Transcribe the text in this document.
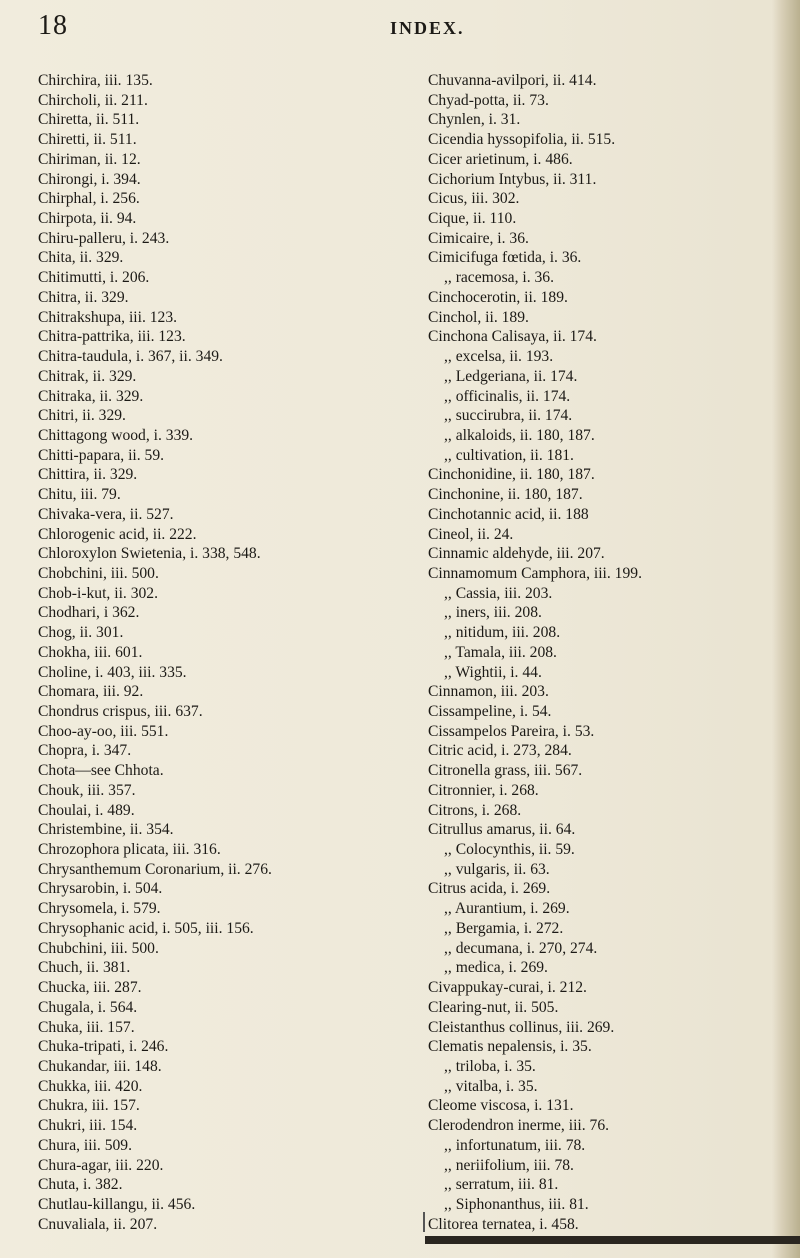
18	INDEX.
Chirchira, iii. 135.
Chircholi, ii. 211.
Chiretta, ii. 511.
Chiretti, ii. 511.
Chiriman, ii. 12.
Chirongi, i. 394.
Chirphal, i. 256.
Chirpota, ii. 94.
Chiru-palleru, i. 243.
Chita, ii. 329.
Chitimutti, i. 206.
Chitra, ii. 329.
Chitrakshupa, iii. 123.
Chitra-pattrika, iii. 123.
Chitra-taudula, i. 367, ii. 349.
Chitrak, ii. 329.
Chitraka, ii. 329.
Chitri, ii. 329.
Chittagong wood, i. 339.
Chitti-papara, ii. 59.
Chittira, ii. 329.
Chitu, iii. 79.
Chivaka-vera, ii. 527.
Chlorogenic acid, ii. 222.
Chloroxylon Swietenia, i. 338, 548.
Chobchini, iii. 500.
Chob-i-kut, ii. 302.
Chodhari, i 362.
Chog, ii. 301.
Chokha, iii. 601.
Choline, i. 403, iii. 335.
Chomara, iii. 92.
Chondrus crispus, iii. 637.
Choo-ay-oo, iii. 551.
Chopra, i. 347.
Chota—see Chhota.
Chouk, iii. 357.
Choulai, i. 489.
Christembine, ii. 354.
Chrozophora plicata, iii. 316.
Chrysanthemum Coronarium, ii. 276.
Chrysarobin, i. 504.
Chrysomela, i. 579.
Chrysophanic acid, i. 505, iii. 156.
Chubchini, iii. 500.
Chuch, ii. 381.
Chucka, iii. 287.
Chugala, i. 564.
Chuka, iii. 157.
Chuka-tripati, i. 246.
Chukandar, iii. 148.
Chukka, iii. 420.
Chukra, iii. 157.
Chukri, iii. 154.
Chura, iii. 509.
Chura-agar, iii. 220.
Chuta, i. 382.
Chutlau-killangu, ii. 456.
Cnuvaliala, ii. 207.
Chuvanna-avilpori, ii. 414.
Chyad-potta, ii. 73.
Chynlen, i. 31.
Cicendia hyssopifolia, ii. 515.
Cicer arietinum, i. 486.
Cichorium Intybus, ii. 311.
Cicus, iii. 302.
Cique, ii. 110.
Cimicaire, i. 36.
Cimicifuga fœtida, i. 36.
,, racemosa, i. 36.
Cinchocerotin, ii. 189.
Cinchol, ii. 189.
Cinchona Calisaya, ii. 174.
,, excelsa, ii. 193.
,, Ledgeriana, ii. 174.
,, officinalis, ii. 174.
,, succirubra, ii. 174.
,, alkaloids, ii. 180, 187.
,, cultivation, ii. 181.
Cinchonidine, ii. 180, 187.
Cinchonine, ii. 180, 187.
Cinchotannic acid, ii. 188
Cineol, ii. 24.
Cinnamic aldehyde, iii. 207.
Cinnamomum Camphora, iii. 199.
,, Cassia, iii. 203.
,, iners, iii. 208.
,, nitidum, iii. 208.
,, Tamala, iii. 208.
,, Wightii, i. 44.
Cinnamon, iii. 203.
Cissampeline, i. 54.
Cissampelos Pareira, i. 53.
Citric acid, i. 273, 284.
Citronella grass, iii. 567.
Citronnier, i. 268.
Citrons, i. 268.
Citrullus amarus, ii. 64.
,, Colocynthis, ii. 59.
,, vulgaris, ii. 63.
Citrus acida, i. 269.
,, Aurantium, i. 269.
,, Bergamia, i. 272.
,, decumana, i. 270, 274.
,, medica, i. 269.
Civappukay-curai, i. 212.
Clearing-nut, ii. 505.
Cleistanthus collinus, iii. 269.
Clematis nepalensis, i. 35.
,, triloba, i. 35.
,, vitalba, i. 35.
Cleome viscosa, i. 131.
Clerodendron inerme, iii. 76.
,, infortunatum, iii. 78.
,, neriifolium, iii. 78.
,, serratum, iii. 81.
,, Siphonanthus, iii. 81.
Clitorea ternatea, i. 458.
